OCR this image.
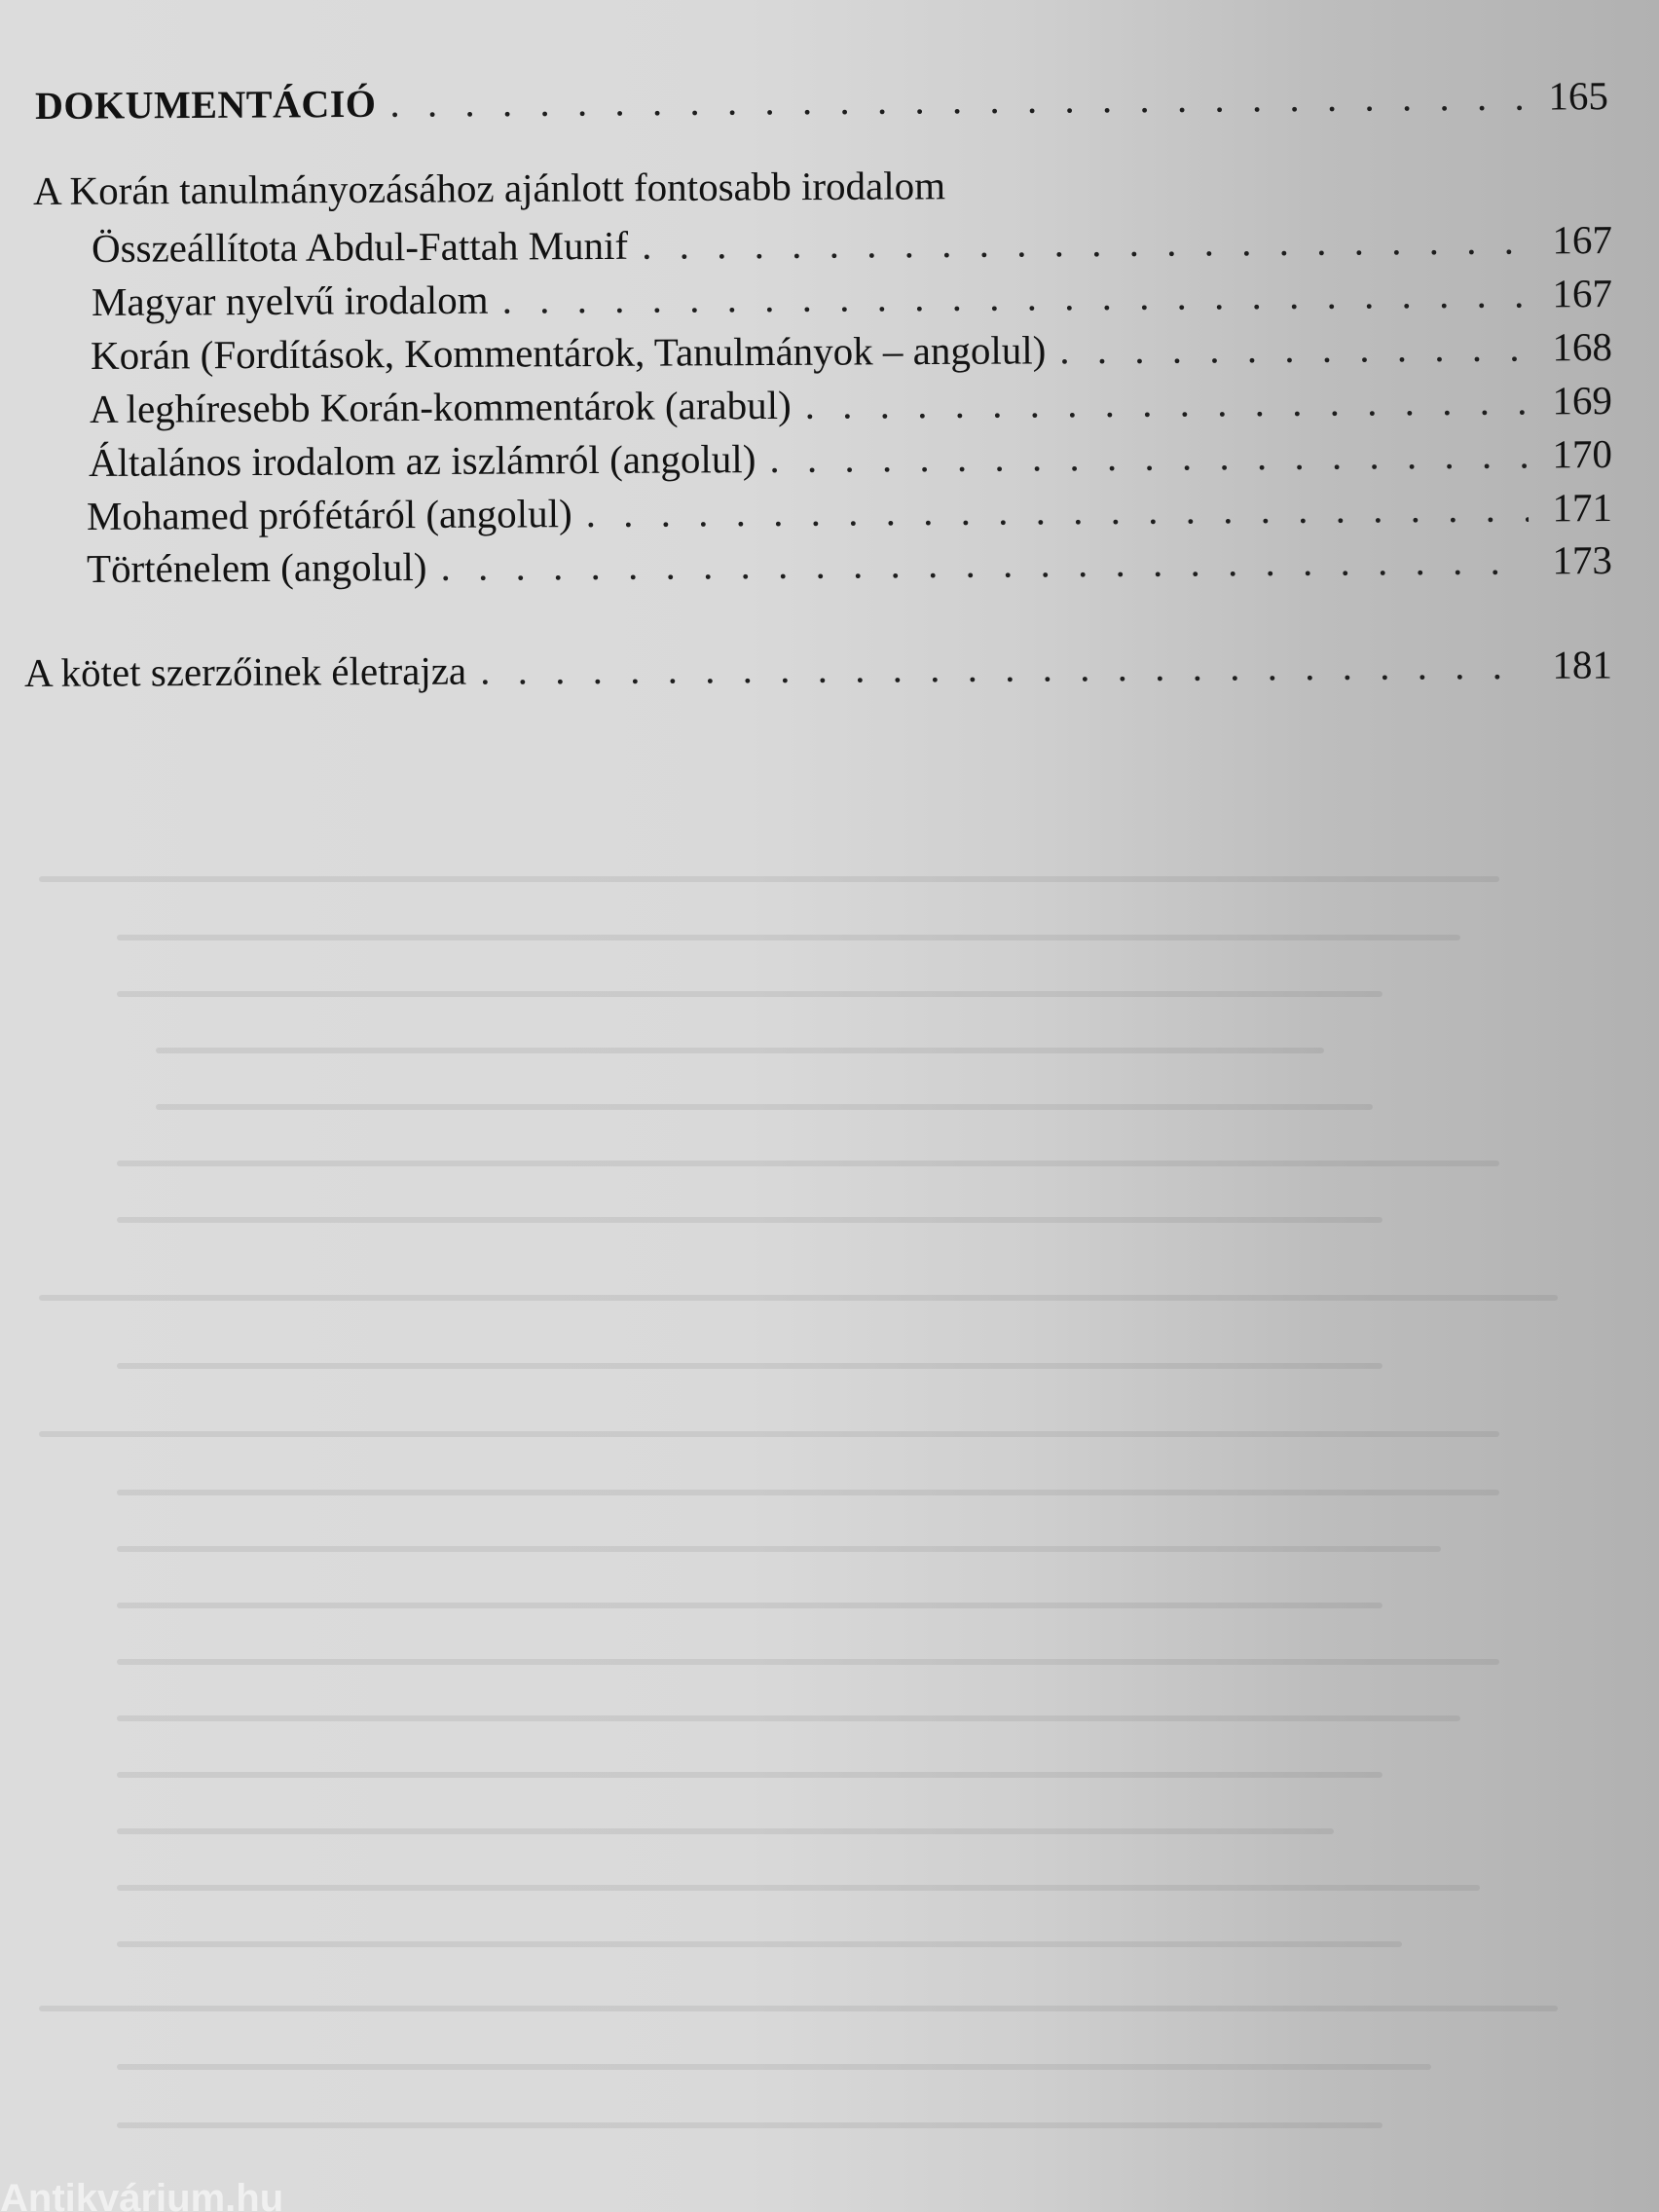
DOKUMENTÁCIÓ . . .	165
A Korán tanulmányozásához ajánlott fontosabb irodalom
Összeállítota Abdul-Fattah Munif . . .	167
Magyar nyelvű irodalom . . .	167
Korán (Fordítások, Kommentárok, Tanulmányok – angolul) . . .	168
A leghíresebb Korán-kommentárok (arabul) . . .	169
Általános irodalom az iszlámról (angolul) . . .	170
Mohamed prófétáról (angolul) . . .	171
Történelem (angolul) . . .	173
A kötet szerzőinek életrajza . . .	181
Antikvárium.hu
